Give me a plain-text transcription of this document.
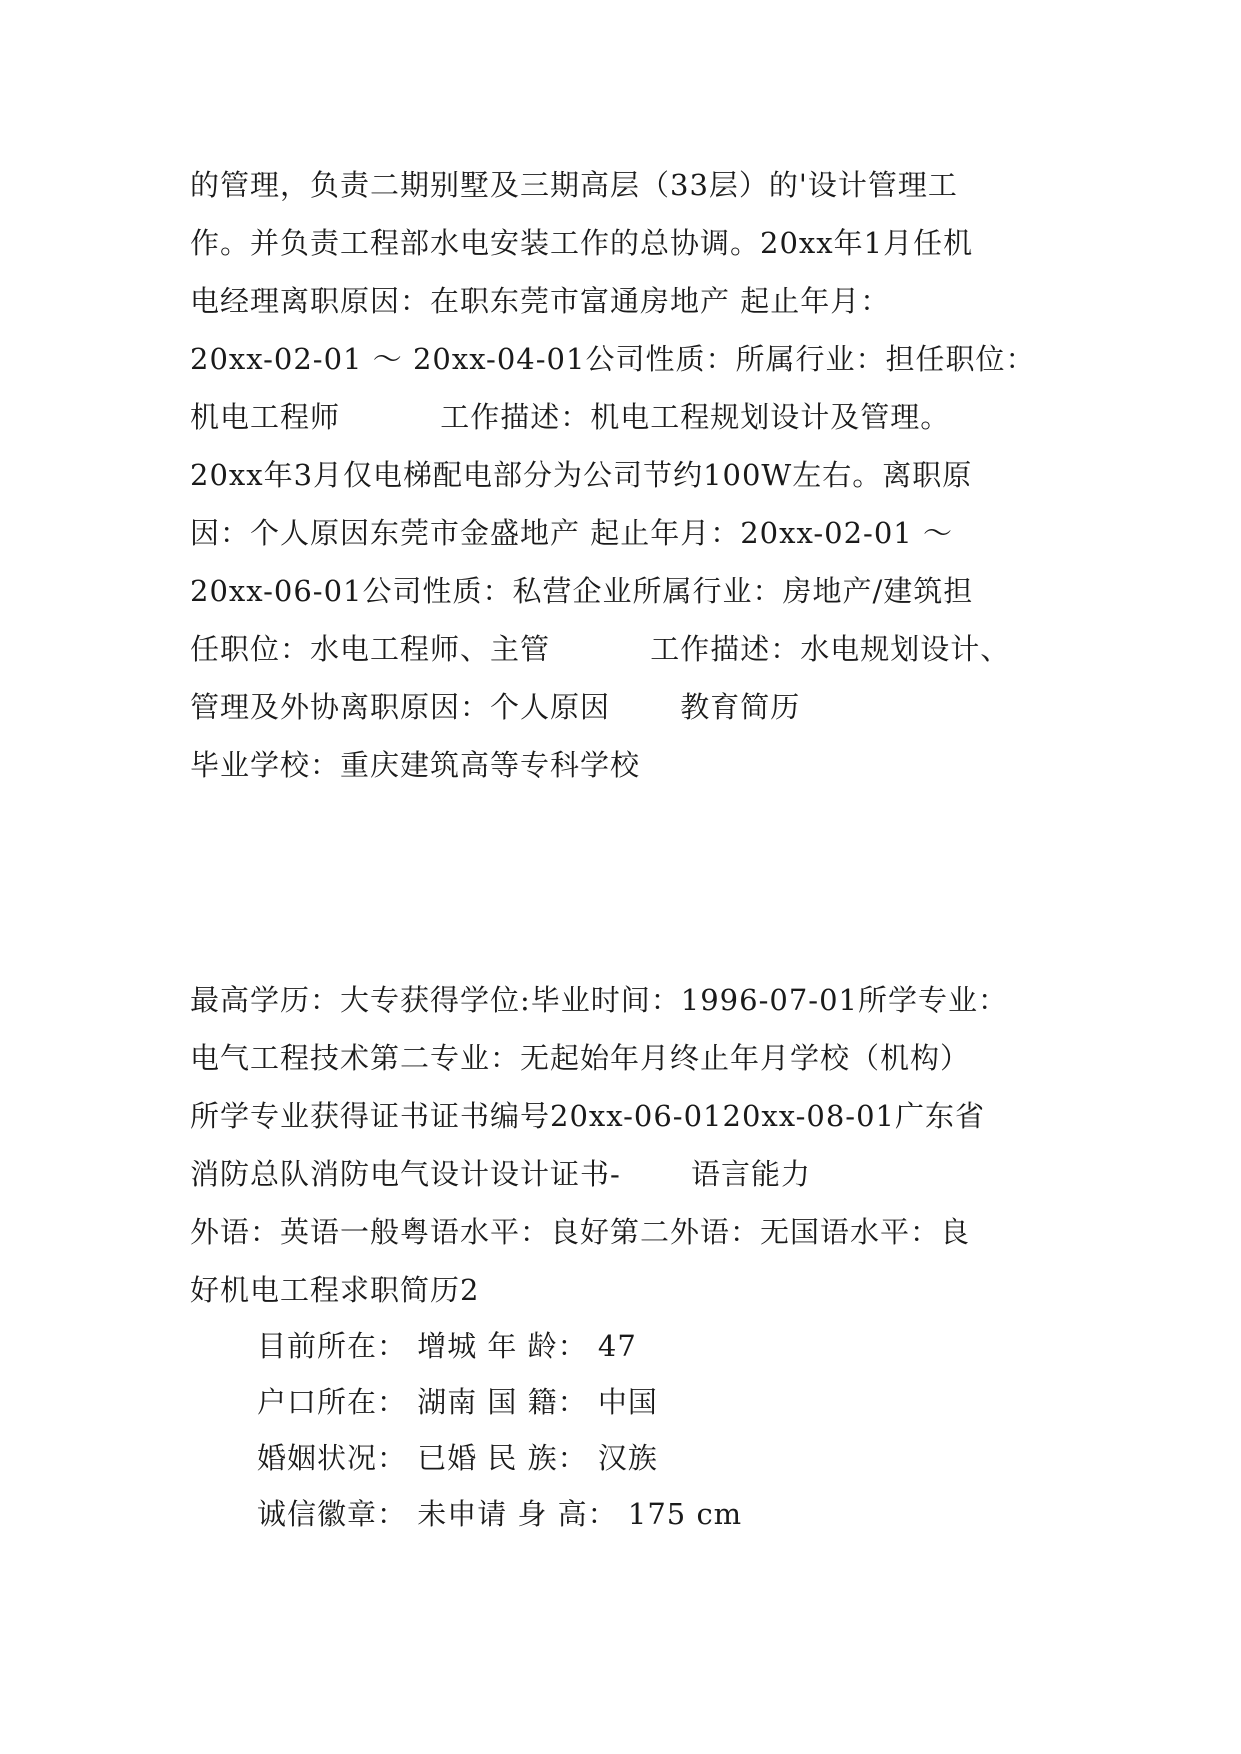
的管理，负责二期别墅及三期高层（33层）的'设计管理工
作。并负责工程部水电安装工作的总协调。20xx年1月任机
电经理离职原因：在职东莞市富通房地产 起止年月：
20xx-02-01 ～ 20xx-04-01公司性质：所属行业：担任职位：
机电工程师 　　　工作描述：机电工程规划设计及管理。
20xx年3月仅电梯配电部分为公司节约100W左右。离职原
因：个人原因东莞市金盛地产 起止年月：20xx-02-01 ～
20xx-06-01公司性质：私营企业所属行业：房地产/建筑担
任职位：水电工程师、主管 　　　工作描述：水电规划设计、
管理及外协离职原因：个人原因 　　教育简历
毕业学校：重庆建筑高等专科学校
最高学历：大专获得学位:毕业时间：1996-07-01所学专业：
电气工程技术第二专业：无起始年月终止年月学校（机构）
所学专业获得证书证书编号20xx-06-0120xx-08-01广东省
消防总队消防电气设计设计证书- 　　语言能力
外语：英语一般粤语水平：良好第二外语：无国语水平：良
好机电工程求职简历2
目前所在： 增城 年 龄： 47
户口所在： 湖南 国 籍： 中国
婚姻状况： 已婚 民 族： 汉族
诚信徽章： 未申请 身 高： 175 cm
